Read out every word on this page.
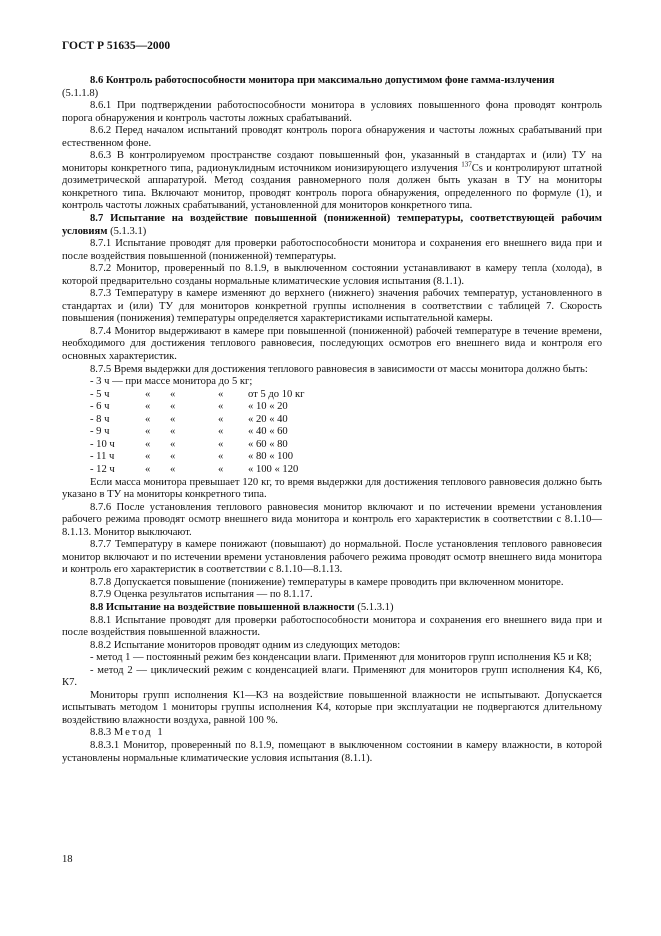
ГОСТ Р 51635—2000

8.6 Контроль работоспособности монитора при максимально допустимом фоне гамма-излучения

(5.1.1.8)

8.6.1 При подтверждении работоспособности монитора в условиях повышенного фона проводят контроль порога обнаружения и контроль частоты ложных срабатываний.

8.6.2 Перед началом испытаний проводят контроль порога обнаружения и частоты ложных срабатываний при естественном фоне.

8.6.3 В контролируемом пространстве создают повышенный фон, указанный в стандартах и (или) ТУ на мониторы конкретного типа, радионуклидным источником ионизирующего излучения $^{137}$Cs и контролируют штатной дозиметрической аппаратурой. Метод создания равномерного поля должен быть указан в ТУ на мониторы конкретного типа. Включают монитор, проводят контроль порога обнаружения, определенного по формуле (1), и контроль частоты ложных срабатываний, установленной для мониторов конкретного типа.

8.7 Испытание на воздействие повышенной (пониженной) температуры, соответствующей рабочим условиям (5.1.3.1)

8.7.1 Испытание проводят для проверки работоспособности монитора и сохранения его внешнего вида при и после воздействия повышенной (пониженной) температуры.

8.7.2 Монитор, проверенный по 8.1.9, в выключенном состоянии устанавливают в камеру тепла (холода), в которой предварительно созданы нормальные климатические условия испытания (8.1.1).

8.7.3 Температуру в камере изменяют до верхнего (нижнего) значения рабочих температур, установленного в стандартах и (или) ТУ для мониторов конкретной группы исполнения в соответствии с таблицей 7. Скорость повышения (понижения) температуры определяется характеристиками испытательной камеры.

8.7.4 Монитор выдерживают в камере при повышенной (пониженной) рабочей температуре в течение времени, необходимого для достижения теплового равновесия, последующих осмотров его внешнего вида и контроля его основных характеристик.

8.7.5 Время выдержки для достижения теплового равновесия в зависимости от массы монитора должно быть:

- 3 ч — при массе монитора до 5 кг;

- 5 ч	«	«	«	от 5 до 10 кг
- 6 ч	«	«	«	« 10 « 20
- 8 ч	«	«	«	« 20 « 40
- 9 ч	«	«	«	« 40 « 60
- 10 ч	«	«	«	« 60 « 80
- 11 ч	«	«	«	« 80 « 100
- 12 ч	«	«	«	« 100 « 120

Если масса монитора превышает 120 кг, то время выдержки для достижения теплового равновесия должно быть указано в ТУ на мониторы конкретного типа.

8.7.6 После установления теплового равновесия монитор включают и по истечении времени установления рабочего режима проводят осмотр внешнего вида монитора и контроль его характеристик в соответствии с 8.1.10—8.1.13. Монитор выключают.

8.7.7 Температуру в камере понижают (повышают) до нормальной. После установления теплового равновесия монитор включают и по истечении времени установления рабочего режима проводят осмотр внешнего вида монитора и контроль его характеристик в соответствии с 8.1.10—8.1.13.

8.7.8 Допускается повышение (понижение) температуры в камере проводить при включенном мониторе.

8.7.9 Оценка результатов испытания — по 8.1.17.

8.8 Испытание на воздействие повышенной влажности (5.1.3.1)

8.8.1 Испытание проводят для проверки работоспособности монитора и сохранения его внешнего вида при и после воздействия повышенной влажности.

8.8.2 Испытание мониторов проводят одним из следующих методов:

- метод 1 — постоянный режим без конденсации влаги. Применяют для мониторов групп исполнения К5 и К8;

- метод 2 — циклический режим с конденсацией влаги. Применяют для мониторов групп исполнения К4, К6, К7.

Мониторы групп исполнения К1—К3 на воздействие повышенной влажности не испытывают. Допускается испытывать методом 1 мониторы группы исполнения К4, которые при эксплуатации не подвергаются длительному воздействию влажности воздуха, равной 100 %.

8.8.3 Метод 1

8.8.3.1 Монитор, проверенный по 8.1.9, помещают в выключенном состоянии в камеру влажности, в которой установлены нормальные климатические условия испытания (8.1.1).

18
